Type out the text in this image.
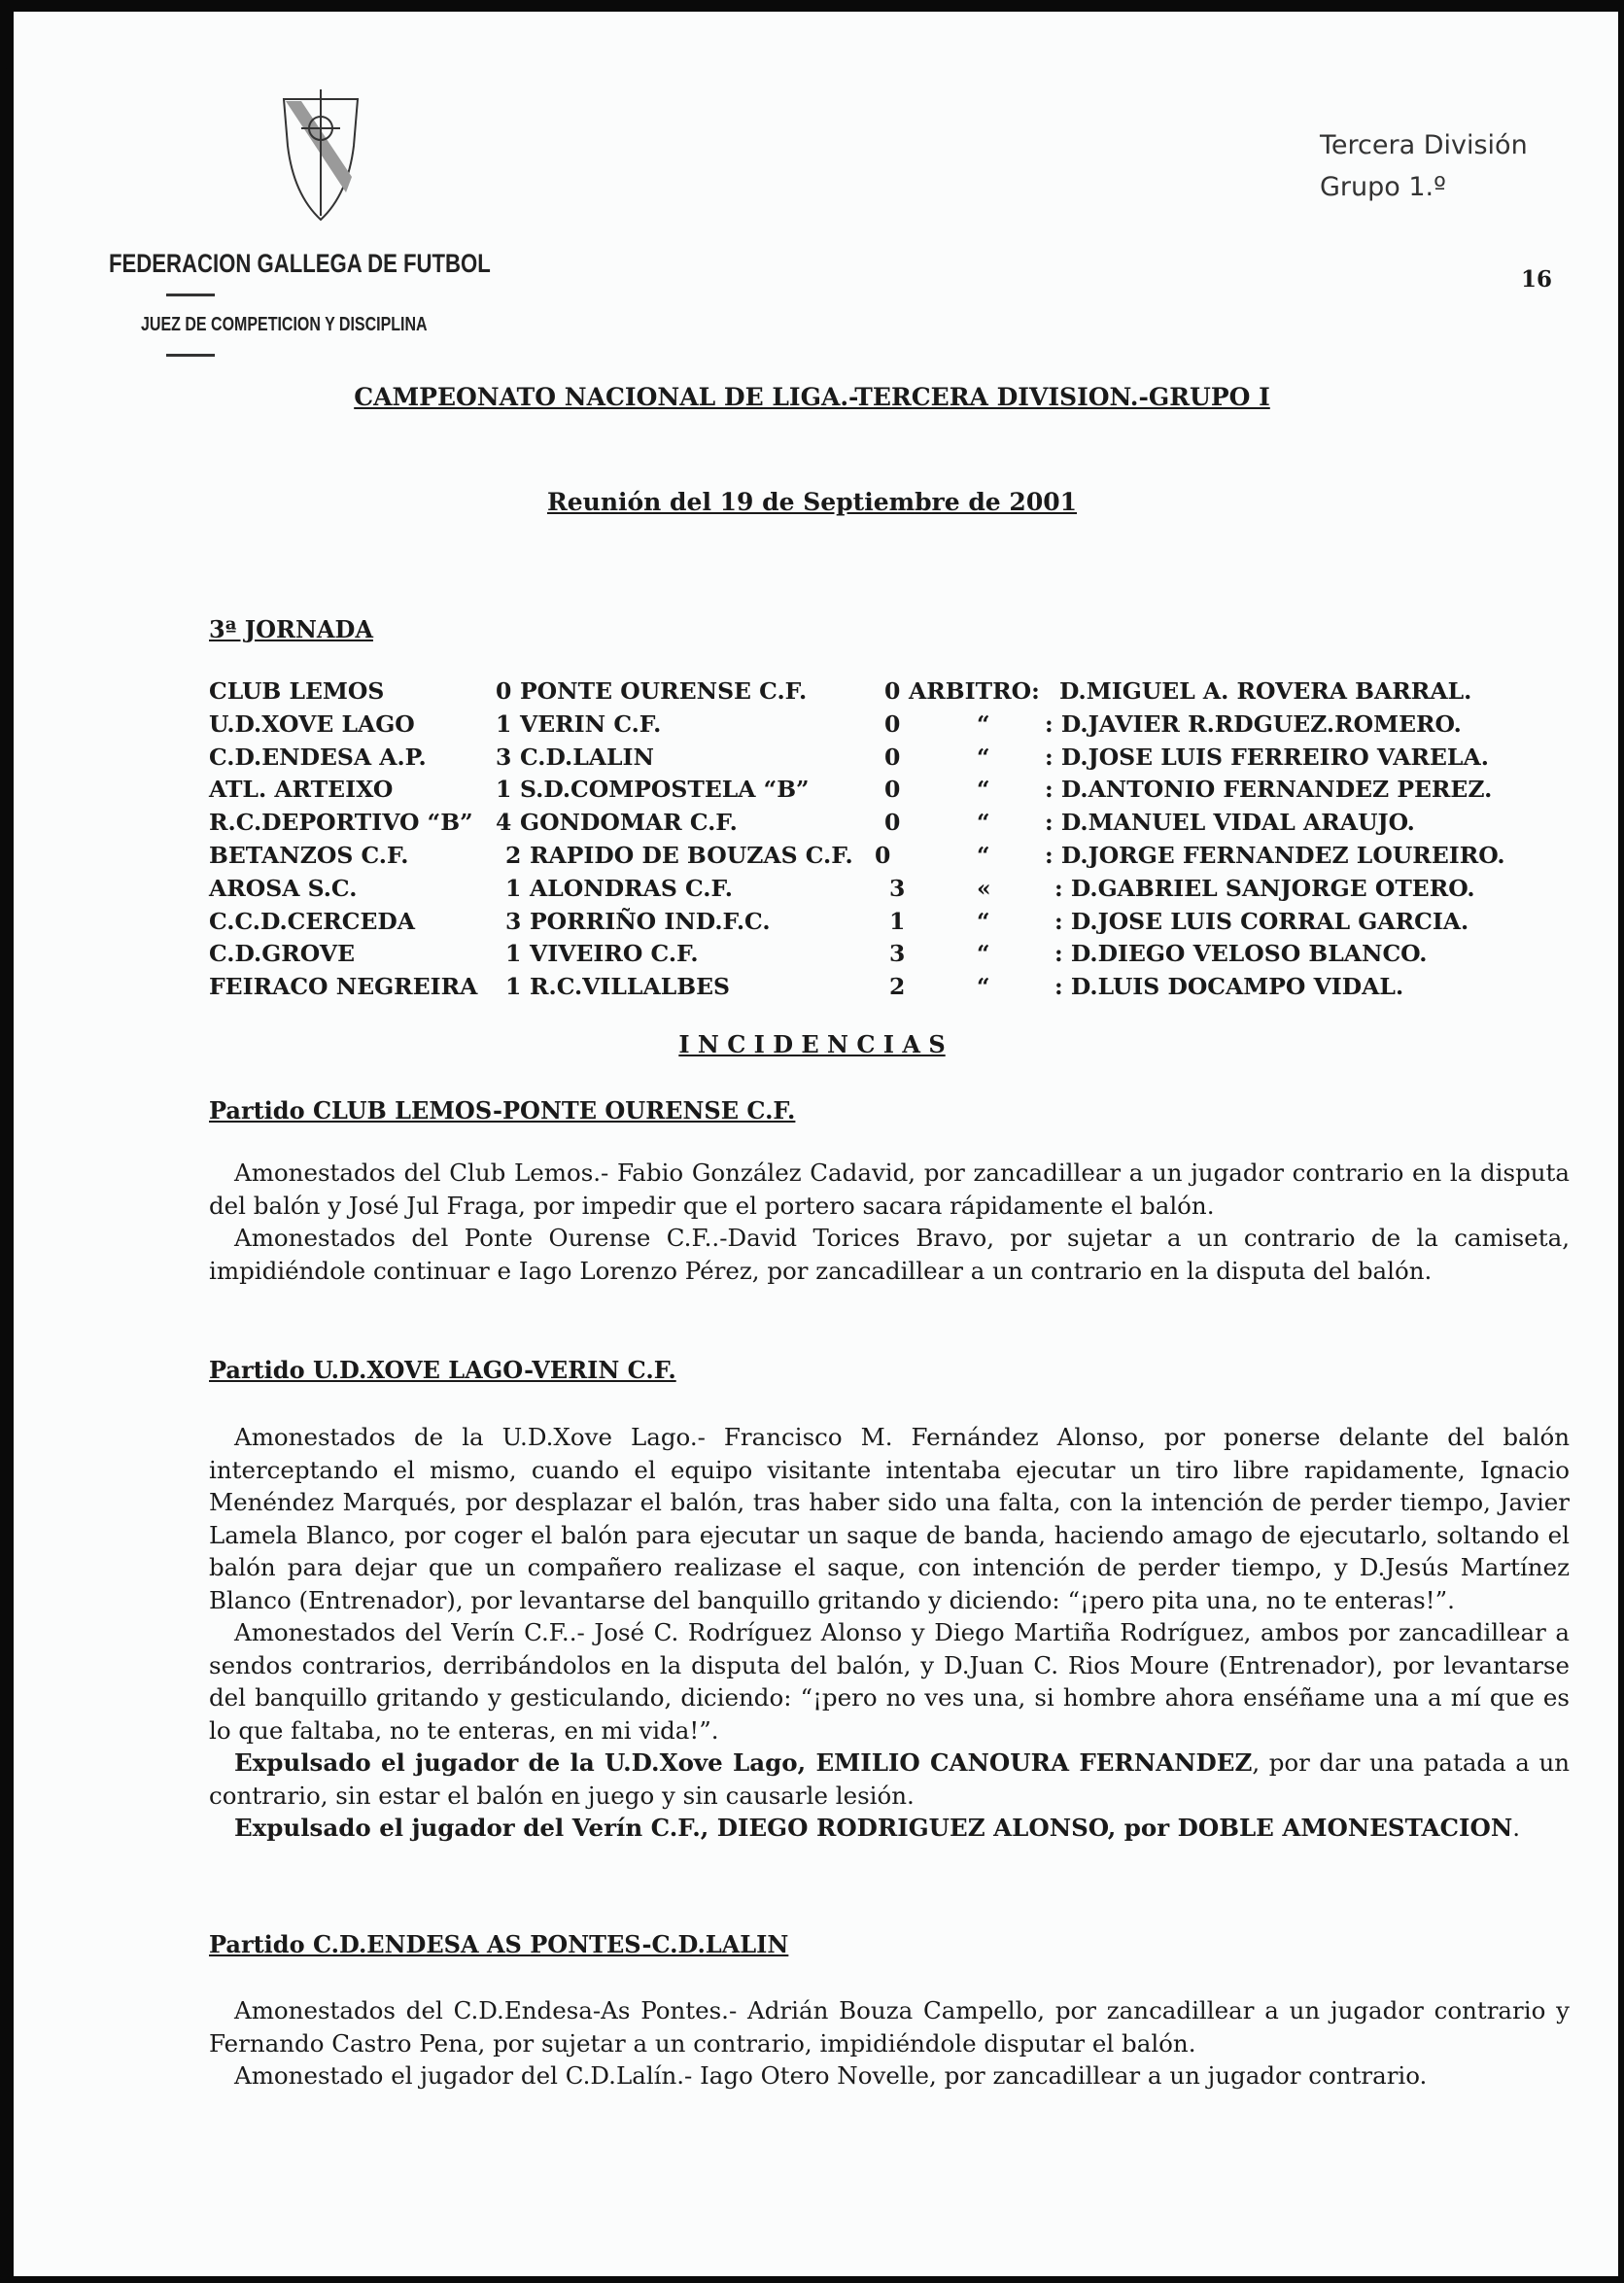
FEDERACION GALLEGA DE FUTBOL
JUEZ DE COMPETICION Y DISCIPLINA
Tercera División
Grupo 1.º
16
CAMPEONATO NACIONAL DE LIGA.-TERCERA DIVISION.-GRUPO I
Reunión del 19 de Septiembre de 2001
3ª JORNADA
CLUB LEMOS	0 PONTE OURENSE C.F.	0 ARBITRO: D.MIGUEL A. ROVERA BARRAL.
U.D.XOVE LAGO	1 VERIN C.F.	0	“ : D.JAVIER R.RDGUEZ.ROMERO.
C.D.ENDESA A.P.	3 C.D.LALIN	0	“ : D.JOSE LUIS FERREIRO VARELA.
ATL. ARTEIXO	1 S.D.COMPOSTELA “B”	0	“ : D.ANTONIO FERNANDEZ PEREZ.
R.C.DEPORTIVO “B” 4 GONDOMAR C.F.	0	“ : D.MANUEL VIDAL ARAUJO.
BETANZOS C.F.	2 RAPIDO DE BOUZAS C.F. 0	“ : D.JORGE FERNANDEZ LOUREIRO.
AROSA S.C.	1 ALONDRAS C.F.	3	«	: D.GABRIEL SANJORGE OTERO.
C.C.D.CERCEDA	3 PORRIÑO IND.F.C.	1	“	: D.JOSE LUIS CORRAL GARCIA.
C.D.GROVE	1 VIVEIRO C.F.	3	“	: D.DIEGO VELOSO BLANCO.
FEIRACO NEGREIRA 1 R.C.VILLALBES	2	“	: D.LUIS DOCAMPO VIDAL.
I N C I D E N C I A S
Partido CLUB LEMOS-PONTE OURENSE C.F.

Amonestados del Club Lemos.- Fabio González Cadavid, por zancadillear a un jugador contrario en la disputa del balón y José Jul Fraga, por impedir que el portero sacara rápidamente el balón.

Amonestados del Ponte Ourense C.F..-David Torices Bravo, por sujetar a un contrario de la camiseta, impidiéndole continuar e Iago Lorenzo Pérez, por zancadillear a un contrario en la disputa del balón.

Partido U.D.XOVE LAGO-VERIN C.F.

Amonestados de la U.D.Xove Lago.- Francisco M. Fernández Alonso, por ponerse delante del balón interceptando el mismo, cuando el equipo visitante intentaba ejecutar un tiro libre rapidamente, Ignacio Menéndez Marqués, por desplazar el balón, tras haber sido una falta, con la intención de perder tiempo, Javier Lamela Blanco, por coger el balón para ejecutar un saque de banda, haciendo amago de ejecutarlo, soltando el balón para dejar que un compañero realizase el saque, con intención de perder tiempo, y D.Jesús Martínez Blanco (Entrenador), por levantarse del banquillo gritando y diciendo: “¡pero pita una, no te enteras!”.

Amonestados del Verín C.F..- José C. Rodríguez Alonso y Diego Martiña Rodríguez, ambos por zancadillear a sendos contrarios, derribándolos en la disputa del balón, y D.Juan C. Rios Moure (Entrenador), por levantarse del banquillo gritando y gesticulando, diciendo: “¡pero no ves una, si hombre ahora enséñame una a mí que es lo que faltaba, no te enteras, en mi vida!”.

Expulsado el jugador de la U.D.Xove Lago, EMILIO CANOURA FERNANDEZ, por dar una patada a un contrario, sin estar el balón en juego y sin causarle lesión.

Expulsado el jugador del Verín C.F., DIEGO RODRIGUEZ ALONSO, por DOBLE AMONESTACION.

Partido C.D.ENDESA AS PONTES-C.D.LALIN

Amonestados del C.D.Endesa-As Pontes.- Adrián Bouza Campello, por zancadillear a un jugador contrario y Fernando Castro Pena, por sujetar a un contrario, impidiéndole disputar el balón.

Amonestado el jugador del C.D.Lalín.- Iago Otero Novelle, por zancadillear a un jugador contrario.
